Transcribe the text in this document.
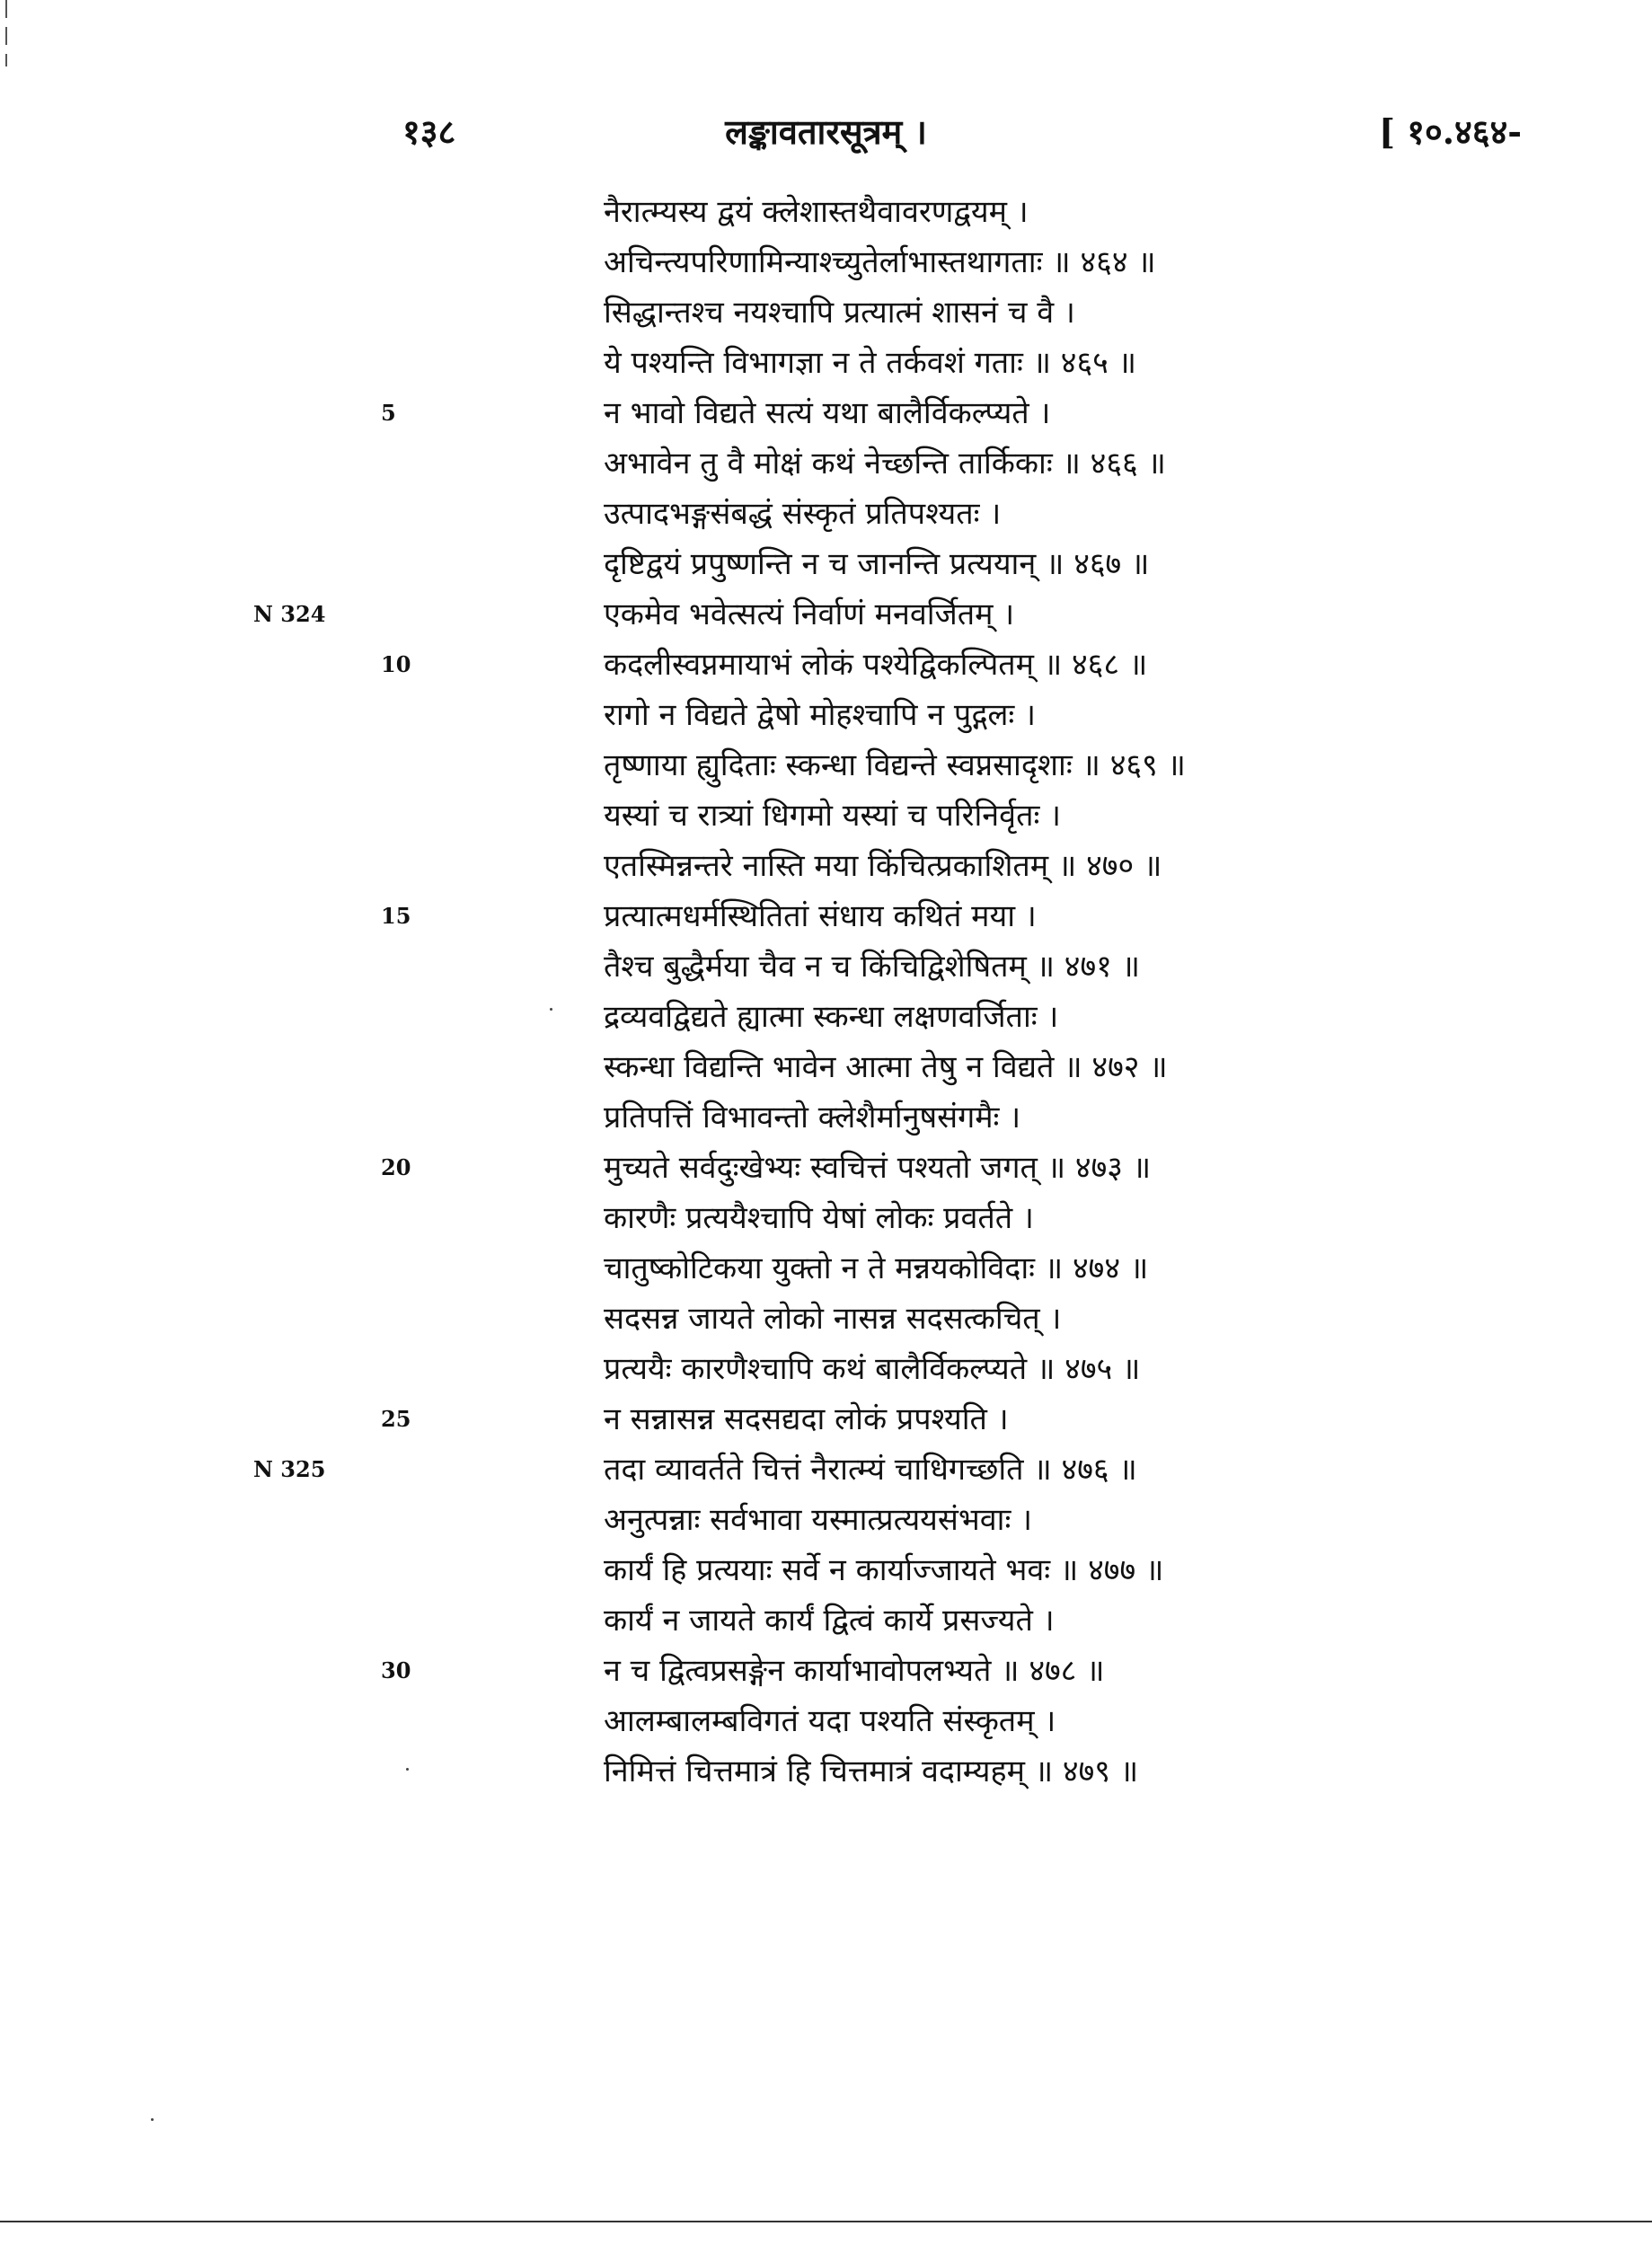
१३८	लङ्कावतारसूत्रम् ।	[ १०.४६४-
नैरात्म्यस्य द्वयं क्लेशास्तथैवावरणद्वयम् ।
अचिन्त्यपरिणामिन्याश्च्युतेर्लाभास्तथागताः ॥ ४६४ ॥
सिद्धान्तश्च नयश्चापि प्रत्यात्मं शासनं च वै ।
ये पश्यन्ति विभागज्ञा न ते तर्कवशं गताः ॥ ४६५ ॥
न भावो विद्यते सत्यं यथा बालैर्विकल्प्यते ।
अभावेन तु वै मोक्षं कथं नेच्छन्ति तार्किकाः ॥ ४६६ ॥
उत्पादभङ्गसंबद्धं संस्कृतं प्रतिपश्यतः ।
दृष्टिद्वयं प्रपुष्णन्ति न च जानन्ति प्रत्ययान् ॥ ४६७ ॥
एकमेव भवेत्सत्यं निर्वाणं मनवर्जितम् ।
कदलीस्वप्नमायाभं लोकं पश्येद्विकल्पितम् ॥ ४६८ ॥
रागो न विद्यते द्वेषो मोहश्चापि न पुद्गलः ।
तृष्णाया ह्युदिताः स्कन्धा विद्यन्ते स्वप्नसादृशाः ॥ ४६९ ॥
यस्यां च रात्र्यां धिगमो यस्यां च परिनिर्वृतः ।
एतस्मिन्नन्तरे नास्ति मया किंचित्प्रकाशितम् ॥ ४७० ॥
प्रत्यात्मधर्मस्थितितां संधाय कथितं मया ।
तैश्च बुद्धैर्मया चैव न च किंचिद्विशेषितम् ॥ ४७१ ॥
द्रव्यवद्विद्यते ह्यात्मा स्कन्धा लक्षणवर्जिताः ।
स्कन्धा विद्यन्ति भावेन आत्मा तेषु न विद्यते ॥ ४७२ ॥
प्रतिपत्तिं विभावन्तो क्लेशैर्मानुषसंगमैः ।
मुच्यते सर्वदुःखेभ्यः स्वचित्तं पश्यतो जगत् ॥ ४७३ ॥
कारणैः प्रत्ययैश्चापि येषां लोकः प्रवर्तते ।
चातुष्कोटिकया युक्तो न ते मन्नयकोविदाः ॥ ४७४ ॥
सदसन्न जायते लोको नासन्न सदसत्कचित् ।
प्रत्ययैः कारणैश्चापि कथं बालैर्विकल्प्यते ॥ ४७५ ॥
न सन्नासन्न सदसद्यदा लोकं प्रपश्यति ।
तदा व्यावर्तते चित्तं नैरात्म्यं चाधिगच्छति ॥ ४७६ ॥
अनुत्पन्नाः सर्वभावा यस्मात्प्रत्ययसंभवाः ।
कार्यं हि प्रत्ययाः सर्वे न कार्याज्जायते भवः ॥ ४७७ ॥
कार्यं न जायते कार्यं द्वित्वं कार्ये प्रसज्यते ।
न च द्वित्वप्रसङ्गेन कार्याभावोपलभ्यते ॥ ४७८ ॥
आलम्बालम्बविगतं यदा पश्यति संस्कृतम् ।
निमित्तं चित्तमात्रं हि चित्तमात्रं वदाम्यहम् ॥ ४७९ ॥
5
10
15
20
25
30
N 324
N 325
